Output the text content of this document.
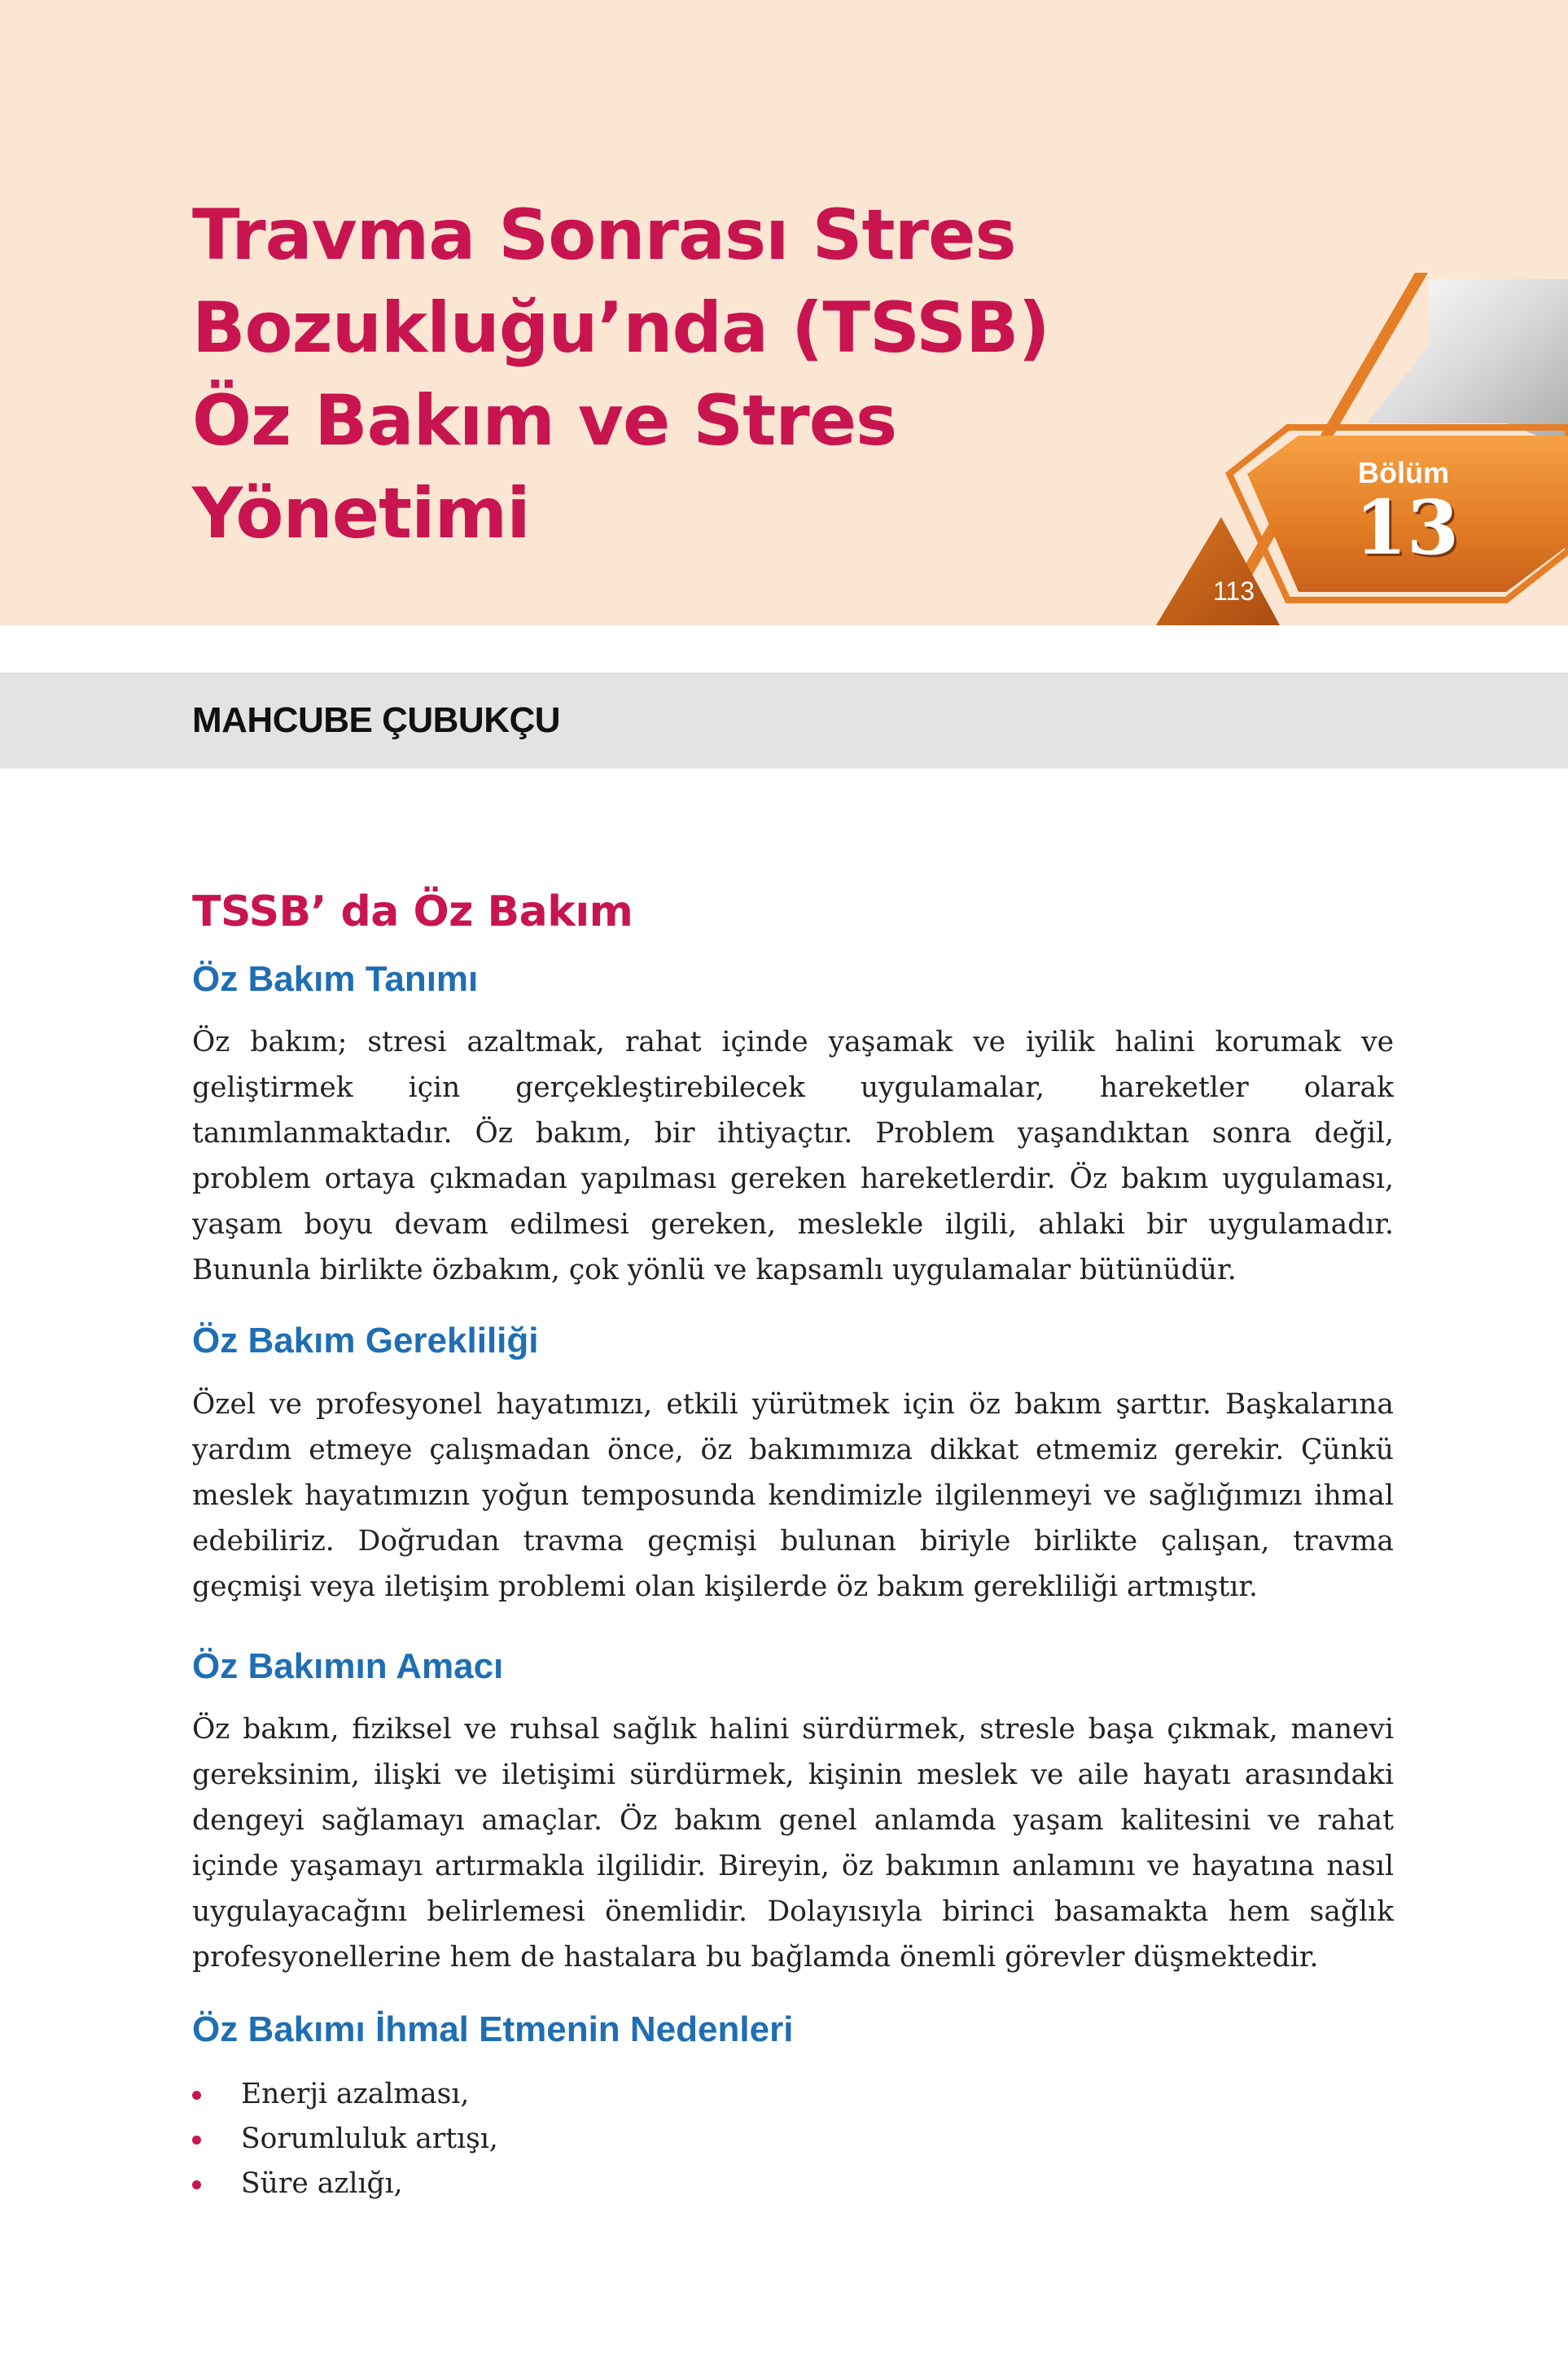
Travma Sonrası Stres Bozukluğu’nda (TSSB) Öz Bakım ve Stres Yönetimi
Bölüm
13
113
MAHCUBE ÇUBUKÇU
TSSB’ da Öz Bakım
Öz Bakım Tanımı

Öz bakım; stresi azaltmak, rahat içinde yaşamak ve iyilik halini korumak ve geliştirmek için gerçekleştirebilecek uygulamalar, hareketler olarak tanımlanmaktadır. Öz bakım, bir ihtiyaçtır. Problem yaşandıktan sonra değil, problem ortaya çıkmadan yapılması gereken hareketlerdir. Öz bakım uygulaması, yaşam boyu devam edilmesi gereken, meslekle ilgili, ahlaki bir uygulamadır. Bununla birlikte özbakım, çok yönlü ve kapsamlı uygulamalar bütünüdür.

Öz Bakım Gerekliliği

Özel ve profesyonel hayatımızı, etkili yürütmek için öz bakım şarttır. Başkalarına yardım etmeye çalışmadan önce, öz bakımımıza dikkat etmemiz gerekir. Çünkü meslek hayatımızın yoğun temposunda kendimizle ilgilenmeyi ve sağlığımızı ihmal edebiliriz. Doğrudan travma geçmişi bulunan biriyle birlikte çalışan, travma geçmişi veya iletişim problemi olan kişilerde öz bakım gerekliliği artmıştır.

Öz Bakımın Amacı

Öz bakım, fiziksel ve ruhsal sağlık halini sürdürmek, stresle başa çıkmak, manevi gereksinim, ilişki ve iletişimi sürdürmek, kişinin meslek ve aile hayatı arasındaki dengeyi sağlamayı amaçlar. Öz bakım genel anlamda yaşam kalitesini ve rahat içinde yaşamayı artırmakla ilgilidir. Bireyin, öz bakımın anlamını ve hayatına nasıl uygulayacağını belirlemesi önemlidir. Dolayısıyla birinci basamakta hem sağlık profesyonellerine hem de hastalara bu bağlamda önemli görevler düşmektedir.

Öz Bakımı İhmal Etmenin Nedenleri
Enerji azalması,
Sorumluluk artışı,
Süre azlığı,
